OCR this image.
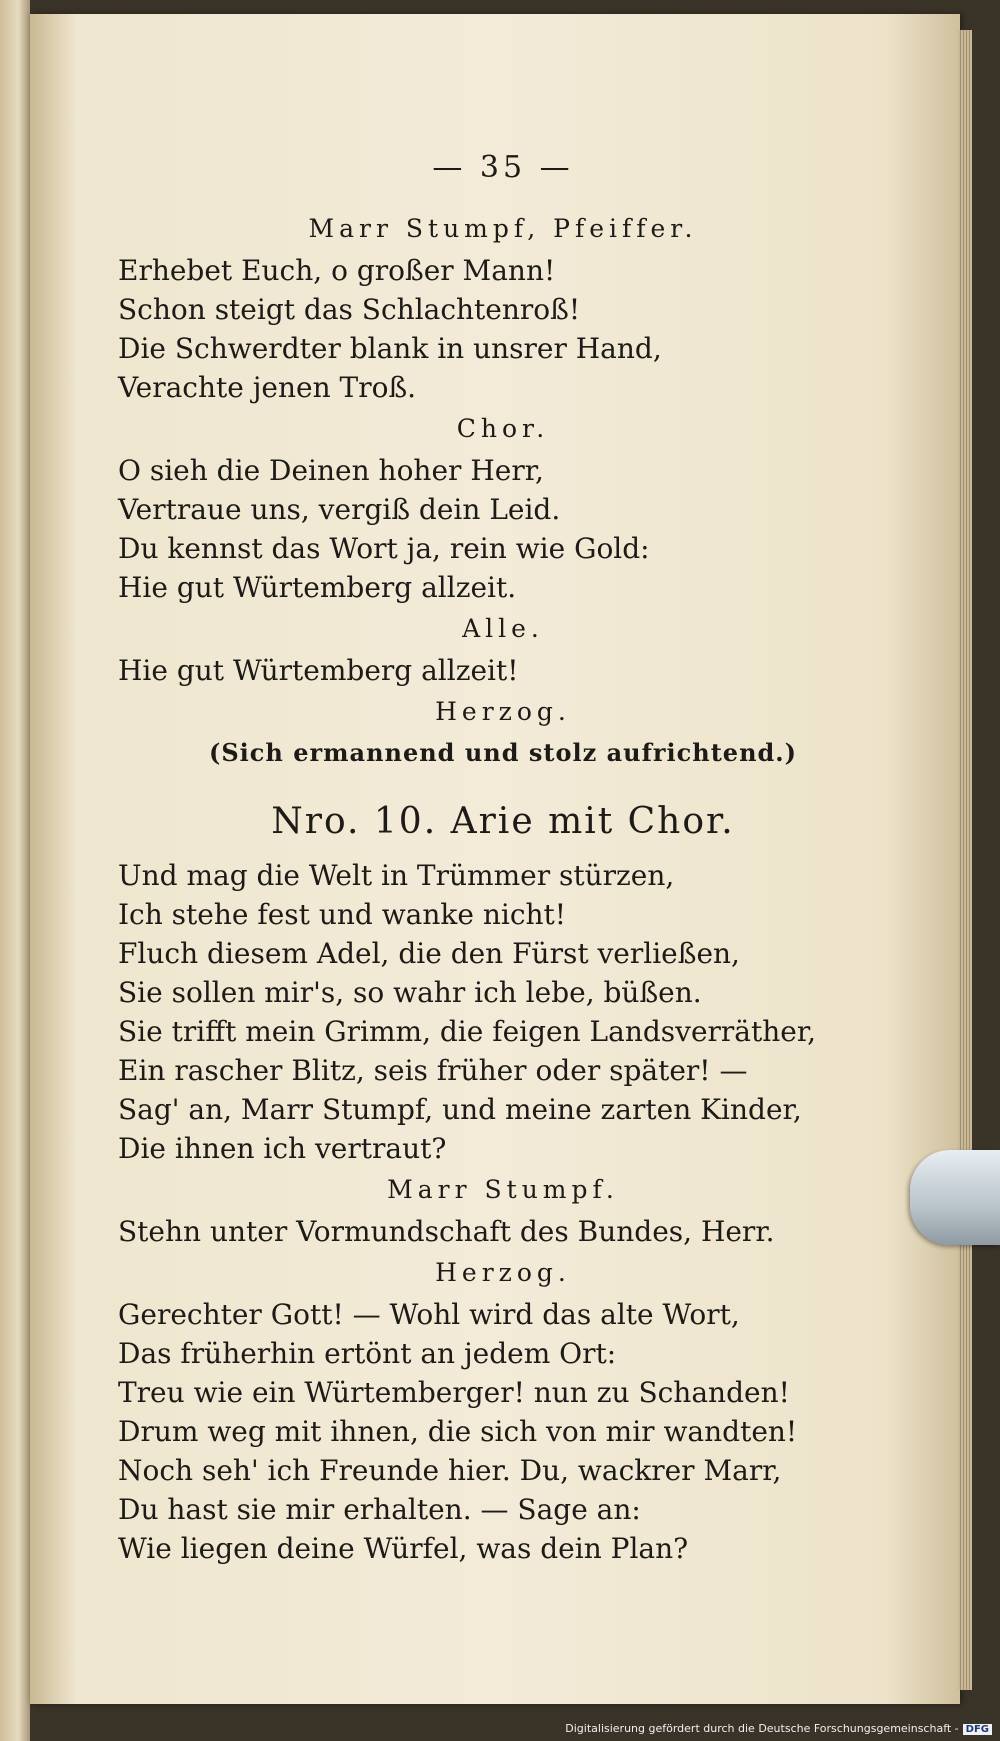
— 35 —
Marr Stumpf, Pfeiffer.
Erhebet Euch, o großer Mann!
Schon steigt das Schlachtenroß!
Die Schwerdter blank in unsrer Hand,
Verachte jenen Troß.
Chor.
O sieh die Deinen hoher Herr,
Vertraue uns, vergiß dein Leid.
Du kennst das Wort ja, rein wie Gold:
Hie gut Würtemberg allzeit.
Alle.
Hie gut Würtemberg allzeit!
Herzog.
(Sich ermannend und stolz aufrichtend.)
Nro. 10. Arie mit Chor.
Und mag die Welt in Trümmer stürzen,
Ich stehe fest und wanke nicht!
Fluch diesem Adel, die den Fürst verließen,
Sie sollen mir's, so wahr ich lebe, büßen.
Sie trifft mein Grimm, die feigen Landsverräther,
Ein rascher Blitz, seis früher oder später! —
Sag' an, Marr Stumpf, und meine zarten Kinder,
Die ihnen ich vertraut?
Marr Stumpf.
Stehn unter Vormundschaft des Bundes, Herr.
Herzog.
Gerechter Gott! — Wohl wird das alte Wort,
Das früherhin ertönt an jedem Ort:
Treu wie ein Würtemberger! nun zu Schanden!
Drum weg mit ihnen, die sich von mir wandten!
Noch seh' ich Freunde hier. Du, wackrer Marr,
Du hast sie mir erhalten. — Sage an:
Wie liegen deine Würfel, was dein Plan?
Digitalisierung gefördert durch die Deutsche Forschungsgemeinschaft - DFG
